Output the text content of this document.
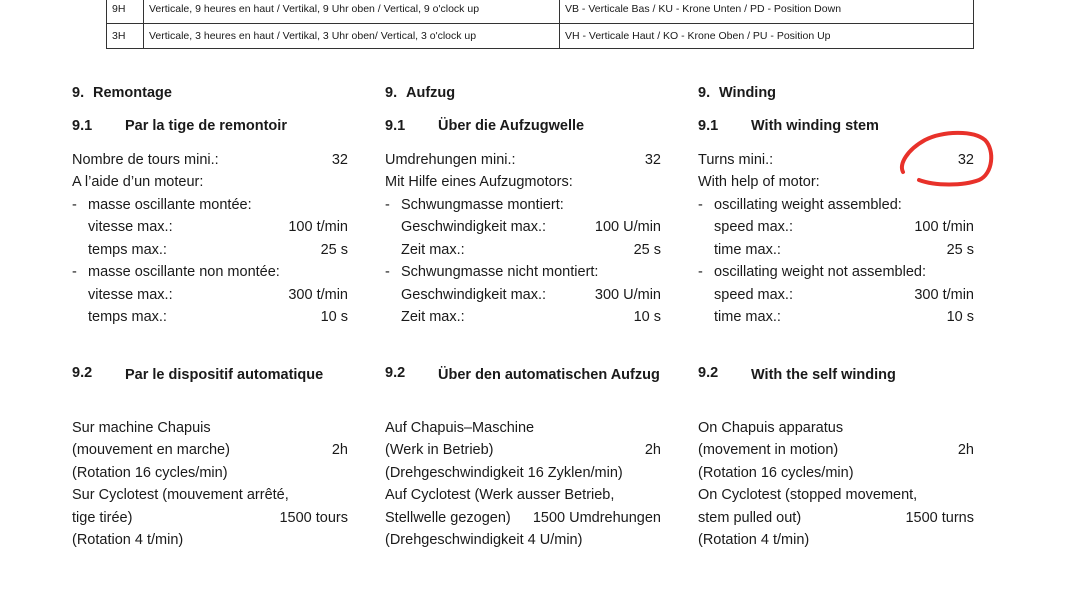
9H Verticale, 9 heures en haut / Vertikal, 9 Uhr oben / Vertical, 9 o'clock up	VB - Verticale Bas / KU - Krone Unten / PD - Position Down
3H Verticale, 3 heures en haut / Vertikal, 3 Uhr oben/ Vertical, 3 o'clock up	VH - Verticale Haut / KO - Krone Oben / PU - Position Up
9. Remontage
9.1 Par la tige de remontoir
Nombre de tours mini.:	32
A l’aide d’un moteur:
- masse oscillante montée:
vitesse max.:	100 t/min
temps max.:	25 s
- masse oscillante non montée:
vitesse max.:	300 t/min
temps max.:	10 s
9.2 Par le dispositif automatique
Sur machine Chapuis
(mouvement en marche)	2h
(Rotation 16 cycles/min)
Sur Cyclotest (mouvement arrêté,
tige tirée)	1500 tours
(Rotation 4 t/min)
9. Aufzug
9.1 Über die Aufzugwelle
Umdrehungen mini.:	32
Mit Hilfe eines Aufzugmotors:
- Schwungmasse montiert:
Geschwindigkeit max.:	100 U/min
Zeit max.:	25 s
- Schwungmasse nicht montiert:
Geschwindigkeit max.:	300 U/min
Zeit max.:	10 s
9.2 Über den automatischen Aufzug
Auf Chapuis–Maschine
(Werk in Betrieb)	2h
(Drehgeschwindigkeit 16 Zyklen/min)
Auf Cyclotest (Werk ausser Betrieb,
Stellwelle gezogen) 1500 Umdrehungen
(Drehgeschwindigkeit 4 U/min)
9. Winding
9.1 With winding stem
Turns mini.:	32
With help of motor:
- oscillating weight assembled:
speed max.:	100 t/min
time max.:	25 s
- oscillating weight not assembled:
speed max.:	300 t/min
time max.:	10 s
9.2 With the self winding
On Chapuis apparatus
(movement in motion)	2h
(Rotation 16 cycles/min)
On Cyclotest (stopped movement,
stem pulled out)	1500 turns
(Rotation 4 t/min)
